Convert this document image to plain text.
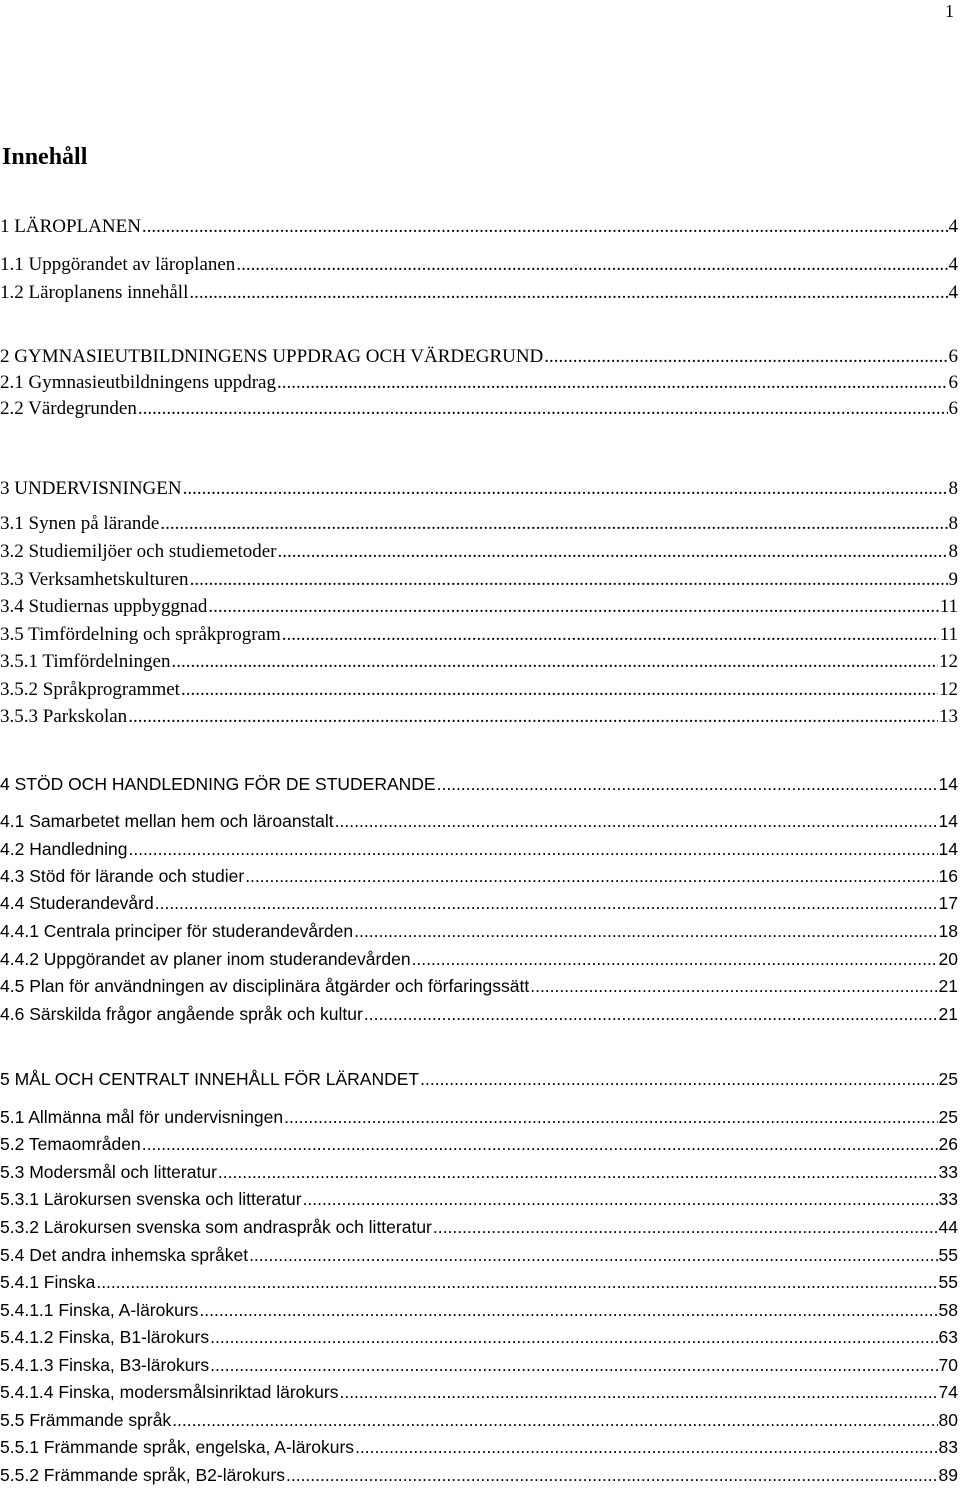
1
Innehåll
1 LÄROPLANEN .....	4
1.1 Uppgörandet av läroplanen .....	4
1.2 Läroplanens innehåll .....	4
2 GYMNASIEUTBILDNINGENS UPPDRAG OCH VÄRDEGRUND .....	6
2.1 Gymnasieutbildningens uppdrag .....	6
2.2 Värdegrunden .....	6
3 UNDERVISNINGEN .....	8
3.1 Synen på lärande .....	8
3.2 Studiemiljöer och studiemetoder .....	8
3.3 Verksamhetskulturen .....	9
3.4 Studiernas uppbyggnad .....	11
3.5 Timfördelning och språkprogram .....	11
3.5.1 Timfördelningen .....	12
3.5.2 Språkprogrammet .....	12
3.5.3 Parkskolan .....	13
4 STÖD OCH HANDLEDNING FÖR DE STUDERANDE .....	14
4.1 Samarbetet mellan hem och läroanstalt .....	14
4.2 Handledning .....	14
4.3 Stöd för lärande och studier .....	16
4.4 Studerandevård .....	17
4.4.1 Centrala principer för studerandevården .....	18
4.4.2 Uppgörandet av planer inom studerandevården .....	20
4.5 Plan för användningen av disciplinära åtgärder och förfaringssätt .....	21
4.6 Särskilda frågor angående språk och kultur .....	21
5 MÅL OCH CENTRALT INNEHÅLL FÖR LÄRANDET .....	25
5.1 Allmänna mål för undervisningen .....	25
5.2 Temaområden .....	26
5.3 Modersmål och litteratur .....	33
5.3.1 Lärokursen svenska och litteratur .....	33
5.3.2 Lärokursen svenska som andraspråk och litteratur .....	44
5.4 Det andra inhemska språket .....	55
5.4.1 Finska .....	55
5.4.1.1 Finska, A-lärokurs .....	58
5.4.1.2 Finska, B1-lärokurs .....	63
5.4.1.3 Finska, B3-lärokurs .....	70
5.4.1.4 Finska, modersmålsinriktad lärokurs .....	74
5.5 Främmande språk .....	80
5.5.1 Främmande språk, engelska, A-lärokurs .....	83
5.5.2 Främmande språk, B2-lärokurs .....	89
